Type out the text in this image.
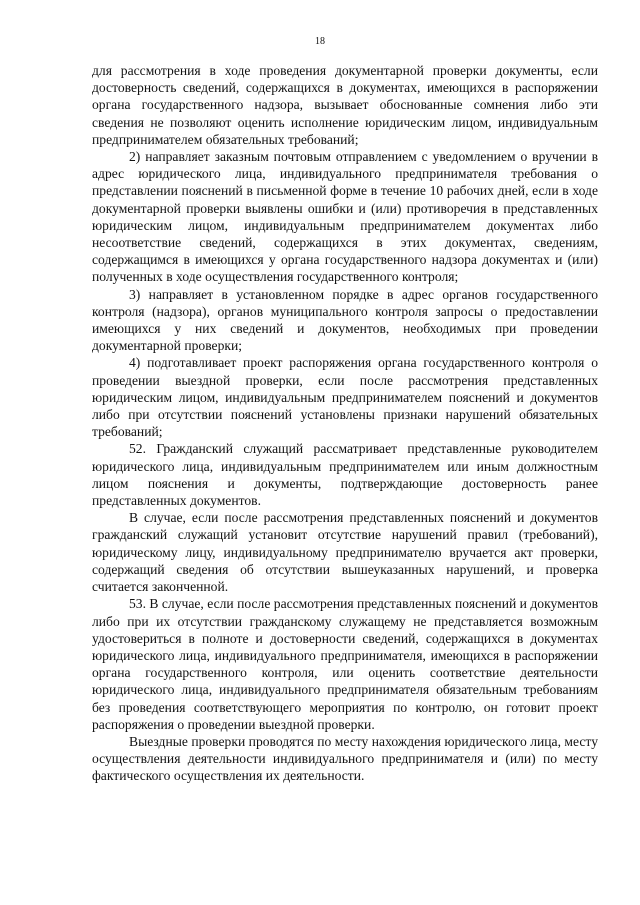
18

для рассмотрения в ходе проведения документарной проверки документы, если достоверность сведений, содержащихся в документах, имеющихся в распоряжении органа государственного надзора, вызывает обоснованные сомнения либо эти сведения не позволяют оценить исполнение юридическим лицом, индивидуальным предпринимателем обязательных требований;

2) направляет заказным почтовым отправлением с уведомлением о вручении в адрес юридического лица, индивидуального предпринимателя требования о представлении пояснений в письменной форме в течение 10 рабочих дней, если в ходе документарной проверки выявлены ошибки и (или) противоречия в представленных юридическим лицом, индивидуальным предпринимателем документах либо несоответствие сведений, содержащихся в этих документах, сведениям, содержащимся в имеющихся у органа государственного надзора документах и (или) полученных в ходе осуществления государственного контроля;

3) направляет в установленном порядке в адрес органов государственного контроля (надзора), органов муниципального контроля запросы о предоставлении имеющихся у них сведений и документов, необходимых при проведении документарной проверки;

4) подготавливает проект распоряжения органа государственного контроля о проведении выездной проверки, если после рассмотрения представленных юридическим лицом, индивидуальным предпринимателем пояснений и документов либо при отсутствии пояснений установлены признаки нарушений обязательных требований;

52. Гражданский служащий рассматривает представленные руководителем юридического лица, индивидуальным предпринимателем или иным должностным лицом пояснения и документы, подтверждающие достоверность ранее представленных документов.

В случае, если после рассмотрения представленных пояснений и документов гражданский служащий установит отсутствие нарушений правил (требований), юридическому лицу, индивидуальному предпринимателю вручается акт проверки, содержащий сведения об отсутствии вышеуказанных нарушений, и проверка считается законченной.

53. В случае, если после рассмотрения представленных пояснений и документов либо при их отсутствии гражданскому служащему не представляется возможным удостовериться в полноте и достоверности сведений, содержащихся в документах юридического лица, индивидуального предпринимателя, имеющихся в распоряжении органа государственного контроля, или оценить соответствие деятельности юридического лица, индивидуального предпринимателя обязательным требованиям без проведения соответствующего мероприятия по контролю, он готовит проект распоряжения о проведении выездной проверки.

Выездные проверки проводятся по месту нахождения юридического лица, месту осуществления деятельности индивидуального предпринимателя и (или) по месту фактического осуществления их деятельности.
